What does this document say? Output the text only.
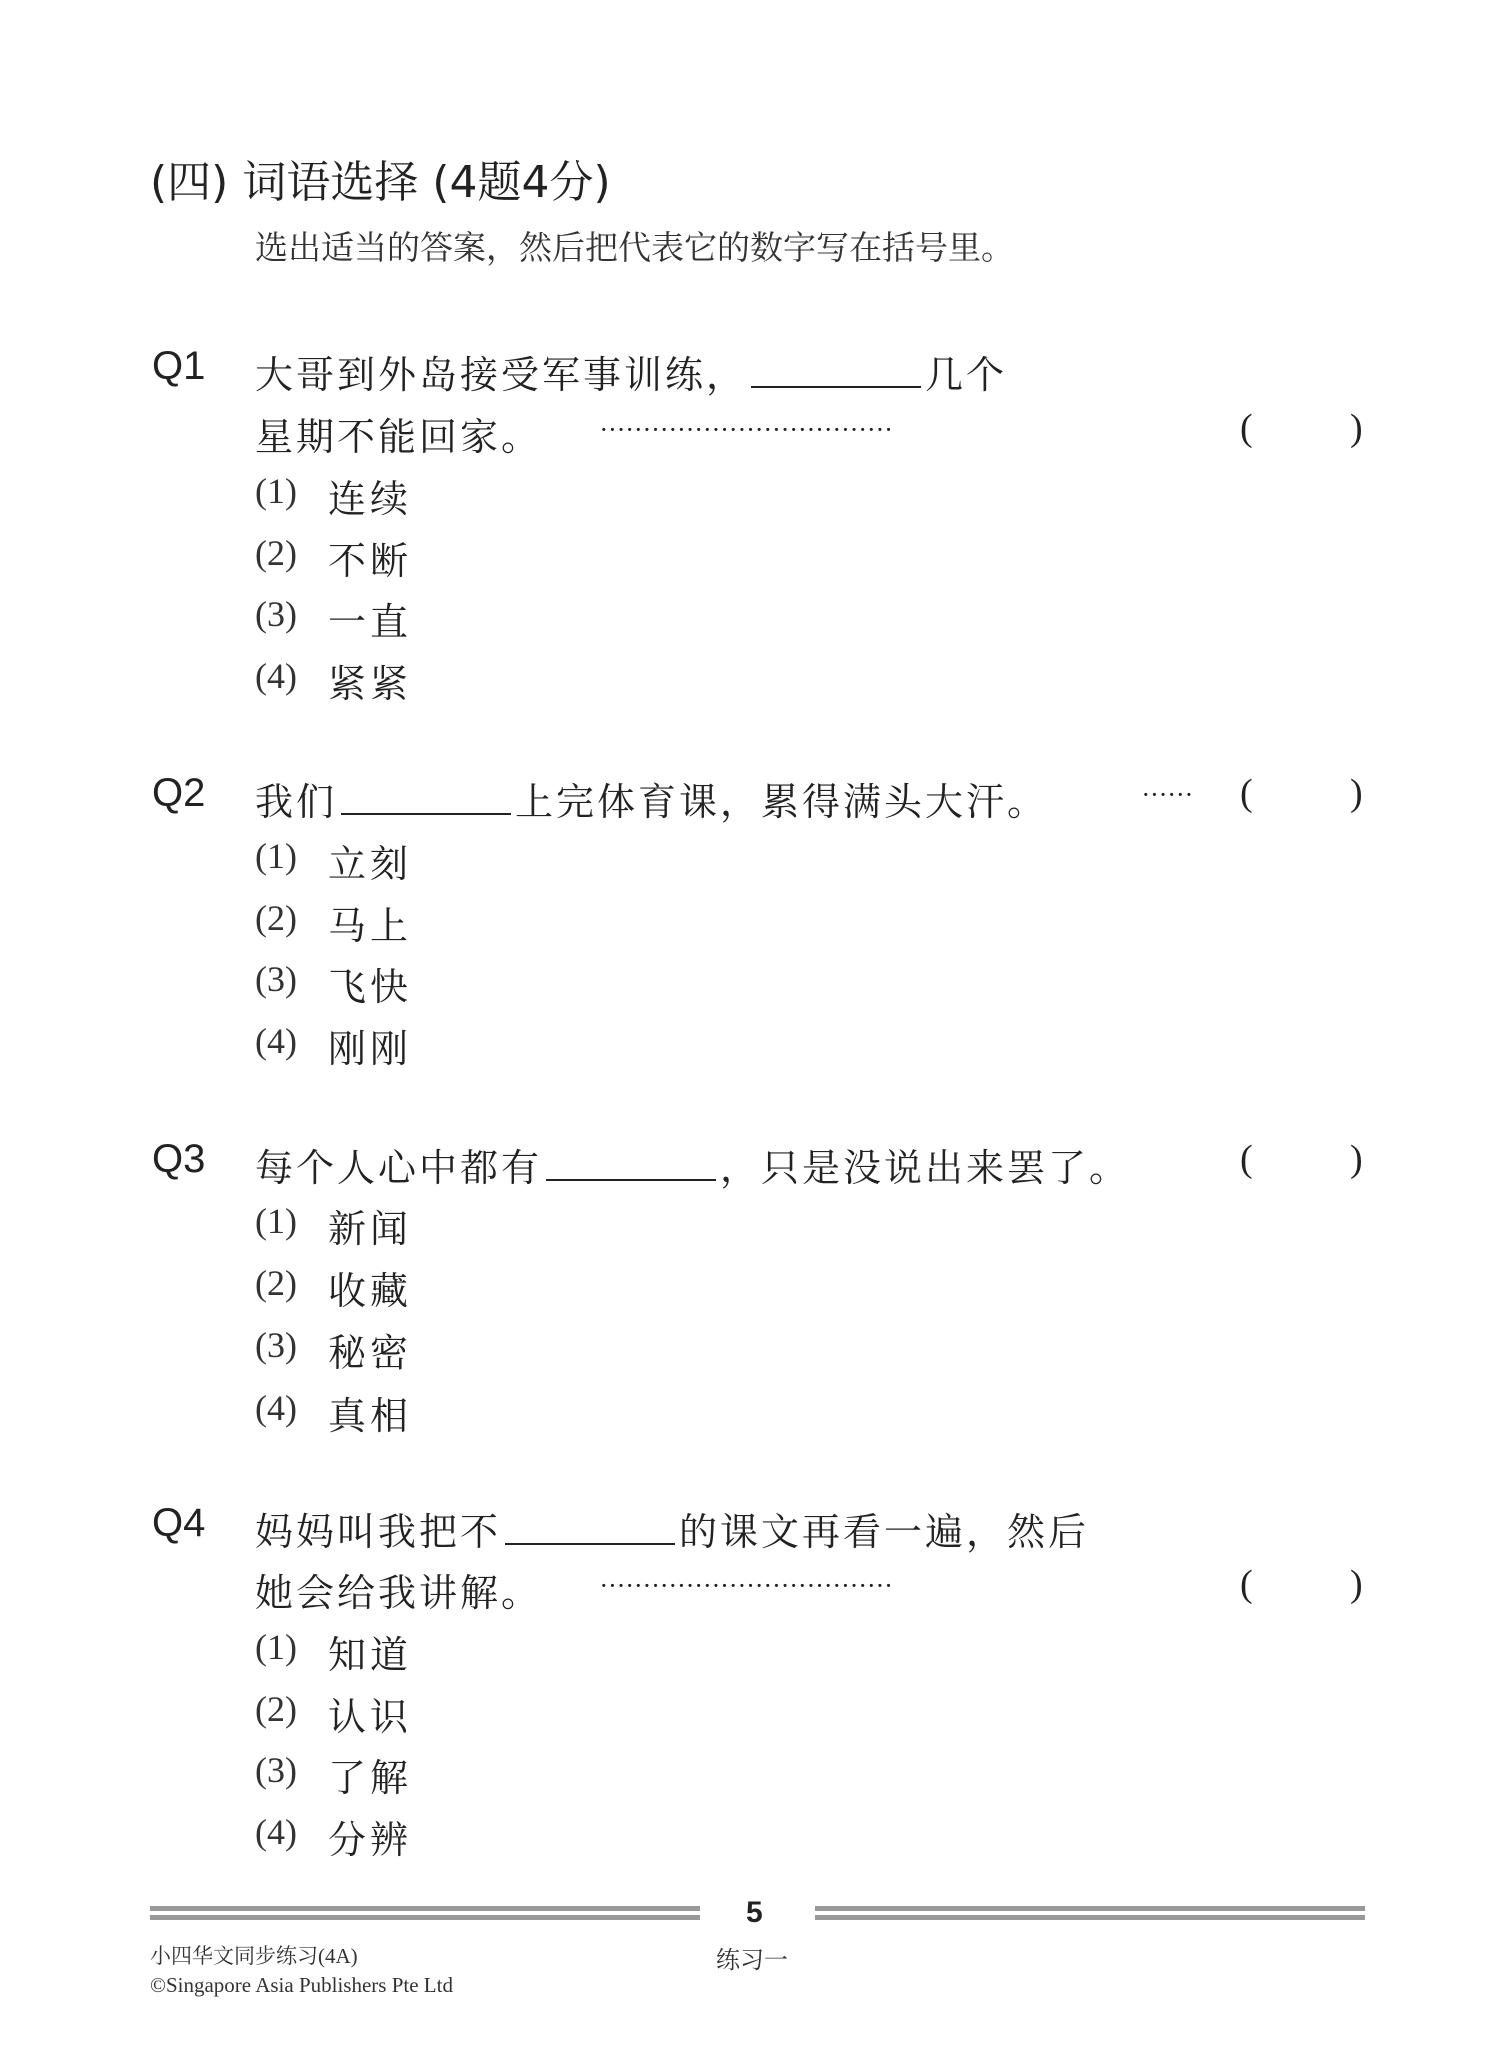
(四) 词语选择 (4题4分)
选出适当的答案，然后把代表它的数字写在括号里。
Q1 大哥到外岛接受军事训练，	几个
星期不能回家。 ··································	(	)
(1) 连续
(2) 不断
(3) 一直
(4) 紧紧
Q2 我们	上完体育课，累得满头大汗。	······ (	)
(1) 立刻
(2) 马上
(3) 飞快
(4) 刚刚
Q3 每个人心中都有	，只是没说出来罢了。	(	)
(1) 新闻
(2) 收藏
(3) 秘密
(4) 真相
Q4 妈妈叫我把不	的课文再看一遍，然后
她会给我讲解。 ··································	(	)
(1) 知道
(2) 认识
(3) 了解
(4) 分辨
5
小四华文同步练习(4A)
©Singapore Asia Publishers Pte Ltd
练习一
